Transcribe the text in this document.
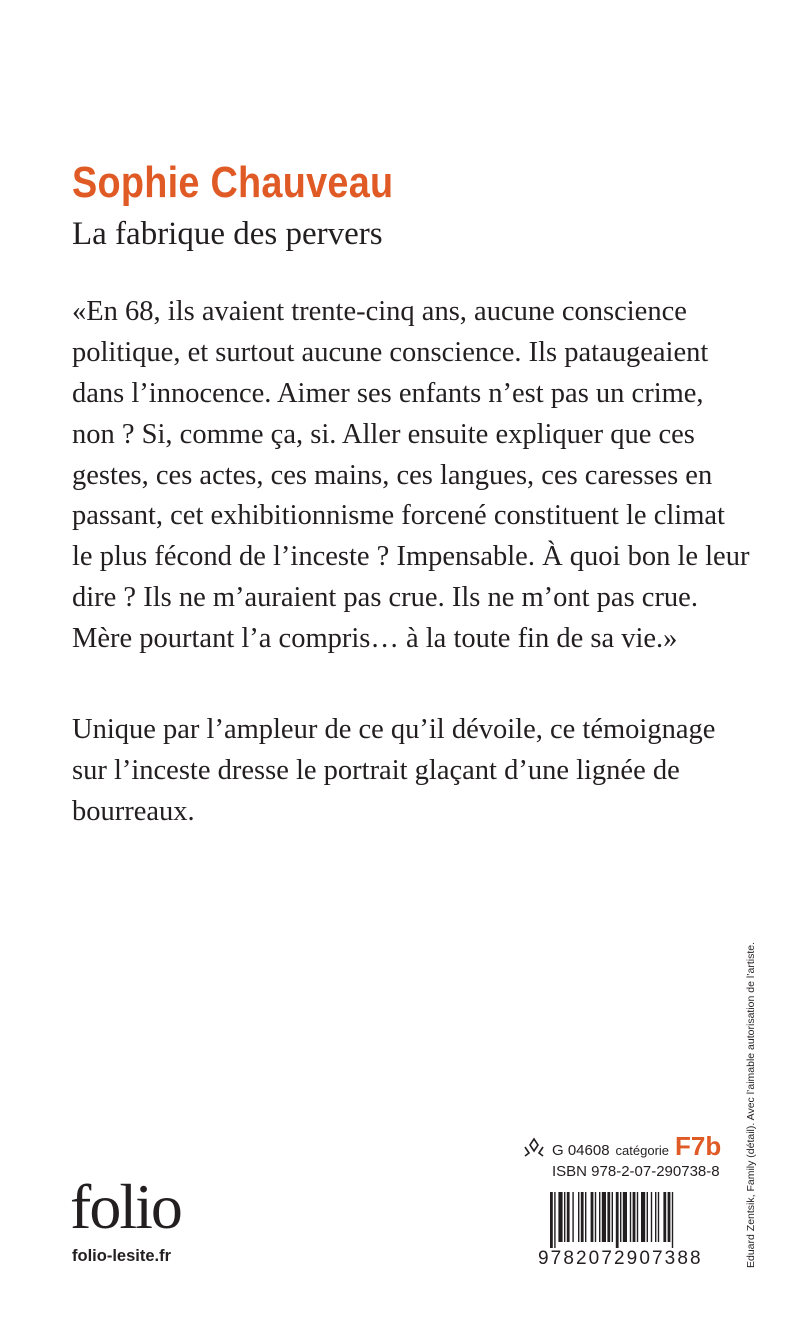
Sophie Chauveau
La fabrique des pervers
«En 68, ils avaient trente-cinq ans, aucune conscience
politique, et surtout aucune conscience. Ils pataugeaient
dans l’innocence. Aimer ses enfants n’est pas un crime,
non ? Si, comme ça, si. Aller ensuite expliquer que ces
gestes, ces actes, ces mains, ces langues, ces caresses en
passant, cet exhibitionnisme forcené constituent le climat
le plus fécond de l’inceste ? Impensable. À quoi bon le leur
dire ? Ils ne m’auraient pas crue. Ils ne m’ont pas crue.
Mère pourtant l’a compris… à la toute fin de sa vie.»
Unique par l’ampleur de ce qu’il dévoile, ce témoignage
sur l’inceste dresse le portrait glaçant d’une lignée de
bourreaux.
Eduard Zentsik, Family (détail). Avec l’aimable autorisation de l’artiste.
G 04608 catégorie F7b
ISBN 978-2-07-290738-8
9782072907388
folio
folio-lesite.fr
